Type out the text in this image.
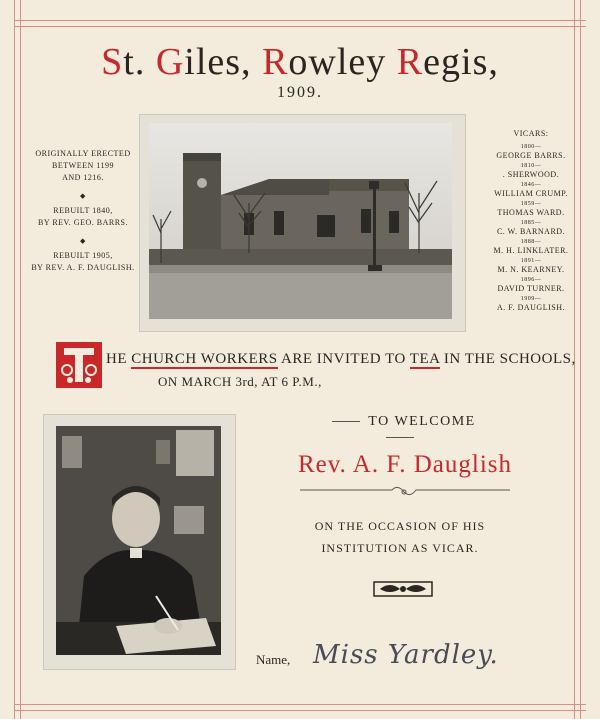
St. Giles, Rowley Regis,
1909.

ORIGINALLY ERECTED
BETWEEN 1199
AND 1216.

◆

REBUILT 1840,
BY REV. GEO. BARRS.

◆

REBUILT 1905,
BY REV. A. F. DAUGLISH.

VICARS:
1800—
GEORGE BARRS.
1810—
. SHERWOOD.
1846—
WILLIAM CRUMP.
1859—
THOMAS WARD.
1885—
C. W. BARNARD.
1888—
M. H. LINKLATER.
1891—
M. N. KEARNEY.
1896—
DAVID TURNER.
1909—
A. F. DAUGLISH.
HE CHURCH WORKERS ARE INVITED TO TEA IN THE SCHOOLS,
ON MARCH 3rd, AT 6 P.M.,
TO WELCOME
Rev. A. F. Dauglish
ON THE OCCASION OF HIS
INSTITUTION AS VICAR.
Name, Miss Yardley.
